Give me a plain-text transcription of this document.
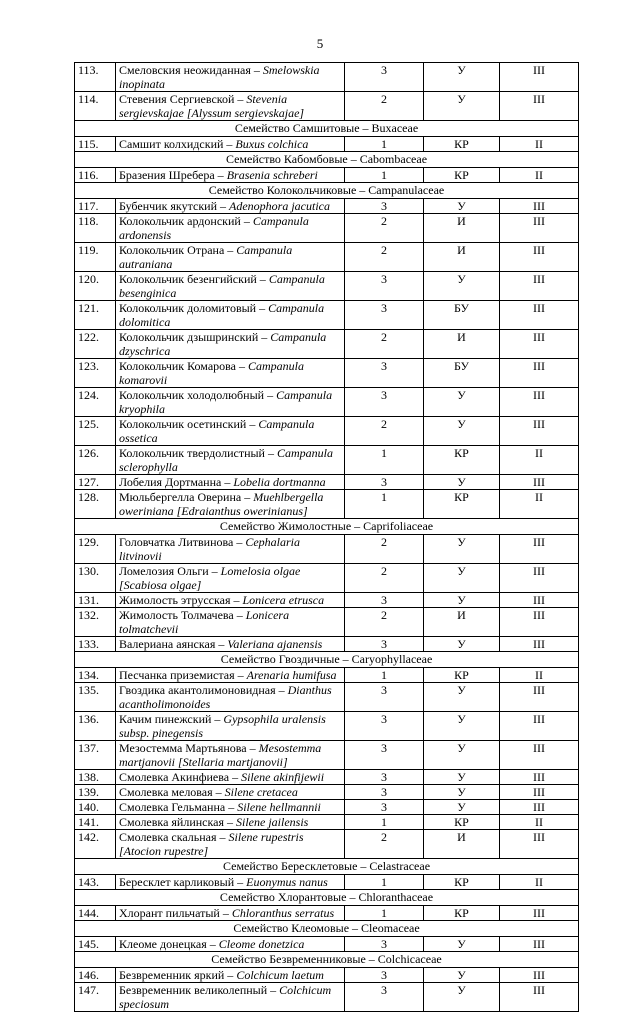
5
113.	Смеловския неожиданная – Smelowskia inopinata	3	У	III
114.	Стевения Сергиевской – Stevenia sergievskajae [Alyssum sergievskajae]	2	У	III
Семейство Самшитовые – Buxaceae				
115.	Самшит колхидский – Buxus colchica	1	КР	II
Семейство Кабомбовые – Cabombaceae				
116.	Бразения Шребера – Brasenia schreberi	1	КР	II
Семейство Колокольчиковые – Campanulaceae				
117.	Бубенчик якутский – Adenophora jacutica	3	У	III
118.	Колокольчик ардонский – Campanula ardonensis	2	И	III
119.	Колокольчик Отрана – Campanula autraniana	2	И	III
120.	Колокольчик безенгийский – Campanula besenginica	3	У	III
121.	Колокольчик доломитовый – Campanula dolomitica	3	БУ	III
122.	Колокольчик дзышринский – Campanula dzyschrica	2	И	III
123.	Колокольчик Комарова – Campanula komarovii	3	БУ	III
124.	Колокольчик холодолюбный – Campanula kryophila	3	У	III
125.	Колокольчик осетинский – Campanula ossetica	2	У	III
126.	Колокольчик твердолистный – Campanula sclerophylla	1	КР	II
127.	Лобелия Дортманна – Lobelia dortmanna	3	У	III
128.	Мюльбергелла Оверина – Muehlbergella oweriniana [Edraianthus owerinianus]	1	КР	II
Семейство Жимолостные – Caprifoliaceae				
129.	Головчатка Литвинова – Cephalaria litvinovii	2	У	III
130.	Ломелозия Ольги – Lomelosia olgae [Scabiosa olgae]	2	У	III
131.	Жимолость этрусская – Lonicera etrusca	3	У	III
132.	Жимолость Толмачева – Lonicera tolmatchevii	2	И	III
133.	Валериана аянская – Valeriana ajanensis	3	У	III
Семейство Гвоздичные – Caryophyllaceae				
134.	Песчанка приземистая – Arenaria humifusa	1	КР	II
135.	Гвоздика акантолимоновидная – Dianthus acantholimonoides	3	У	III
136.	Качим пинежский – Gypsophila uralensis subsp. pinegensis	3	У	III
137.	Мезостемма Мартьянова – Mesostemma martjanovii [Stellaria martjanovii]	3	У	III
138.	Смолевка Акинфиева – Silene akinfijewii	3	У	III
139.	Смолевка меловая – Silene cretacea	3	У	III
140.	Смолевка Гельманна – Silene hellmannii	3	У	III
141.	Смолевка яйлинская – Silene jailensis	1	КР	II
142.	Смолевка скальная – Silene rupestris [Atocion rupestre]	2	И	III
Семейство Бересклетовые – Celastraceae				
143.	Бересклет карликовый – Euonymus nanus	1	КР	II
Семейство Хлорантовые – Chloranthaceae				
144.	Хлорант пильчатый – Chloranthus serratus	1	КР	III
Семейство Клеомовые – Cleomaceae				
145.	Клеоме донецкая – Cleome donetzica	3	У	III
Семейство Безвременниковые – Colchicaceae				
146.	Безвременник яркий – Colchicum laetum	3	У	III
147.	Безвременник великолепный – Colchicum speciosum	3	У	III
